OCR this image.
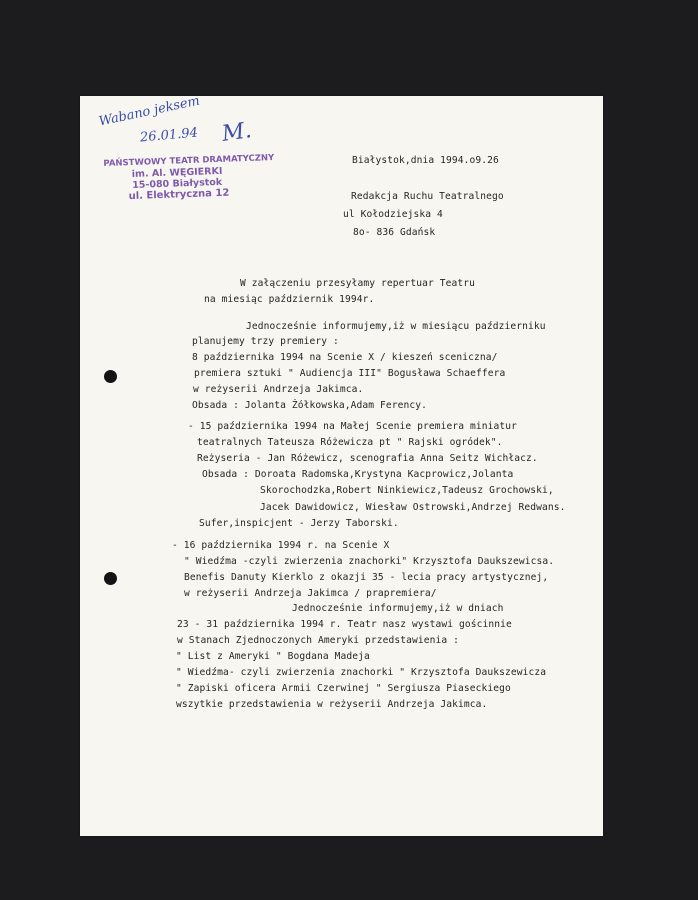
Wabano jeksem
26.01.94 M.
PAŃSTWOWY TEATR DRAMATYCZNY
im. Al. WĘGIERKI
15-080 Białystok
ul. Elektryczna 12
Białystok,dnia 1994.o9.26
Redakcja Ruchu Teatralnego
ul Kołodziejska 4
8o- 836 Gdańsk
W załączeniu przesyłamy repertuar Teatru
na miesiąc październik 1994r.
Jednocześnie informujemy,iż w miesiącu październiku
planujemy trzy premiery :
8 października 1994 na Scenie X / kieszeń sceniczna/
premiera sztuki " Audiencja III" Bogusława Schaeffera
w reżyserii Andrzeja Jakimca.
Obsada : Jolanta Żółkowska,Adam Ferency.
- 15 października 1994 na Małej Scenie premiera miniatur
teatralnych Tateusza Różewicza pt " Rajski ogródek".
Reżyseria - Jan Różewicz, scenografia Anna Seitz Wichłacz.
Obsada : Doroata Radomska,Krystyna Kacprowicz,Jolanta
Skorochodzka,Robert Ninkiewicz,Tadeusz Grochowski,
Jacek Dawidowicz, Wiesław Ostrowski,Andrzej Redwans.
Sufer,inspicjent - Jerzy Taborski.
- 16 października 1994 r. na Scenie X
" Wiedźma -czyli zwierzenia znachorki" Krzysztofa Daukszewicsa.
Benefis Danuty Kierklo z okazji 35 - lecia pracy artystycznej,
w reżyserii Andrzeja Jakimca / prapremiera/
Jednocześnie informujemy,iż w dniach
23 - 31 października 1994 r. Teatr nasz wystawi gościnnie
w Stanach Zjednoczonych Ameryki przedstawienia :
" List z Ameryki " Bogdana Madeja
" Wiedźma- czyli zwierzenia znachorki " Krzysztofa Daukszewicza
" Zapiski oficera Armii Czerwinej " Sergiusza Piaseckiego
wszytkie przedstawienia w reżyserii Andrzeja Jakimca.
